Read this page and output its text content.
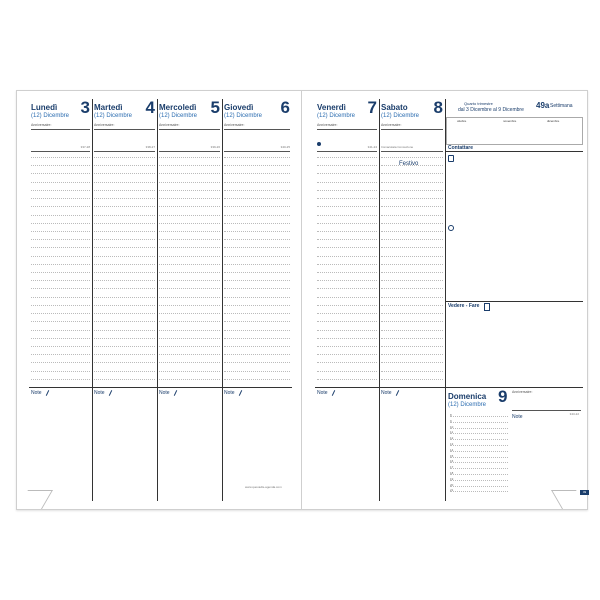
Lunedì 3
(12) Dicembre
Anniversaire:
337-28
Note
Martedì 4
(12) Dicembre
Anniversaire:
338-27
Note
Mercoledì 5
(12) Dicembre
Anniversaire:
339-26
Note
Giovedì 6
(12) Dicembre
Anniversaire:
340-25
Note
www.quovadis-agenda.com
Venerdì 7
(12) Dicembre
Anniversaire:
341-24
Note
Sabato 8
(12) Dicembre
Anniversaire:
Immacolata Concezione
Festivo
Note
Quarto trimestre
dal 3 Dicembre al 9 Dicembre 49a Settimana
ottobre	novembre	dicembre
Contattare
Vedere - Fare
Domenica 9
(12) Dicembre
Anniversaire:
343-22
Note
8
9
10
11
12
13
14
15
16
17
18
19
20
21	49
